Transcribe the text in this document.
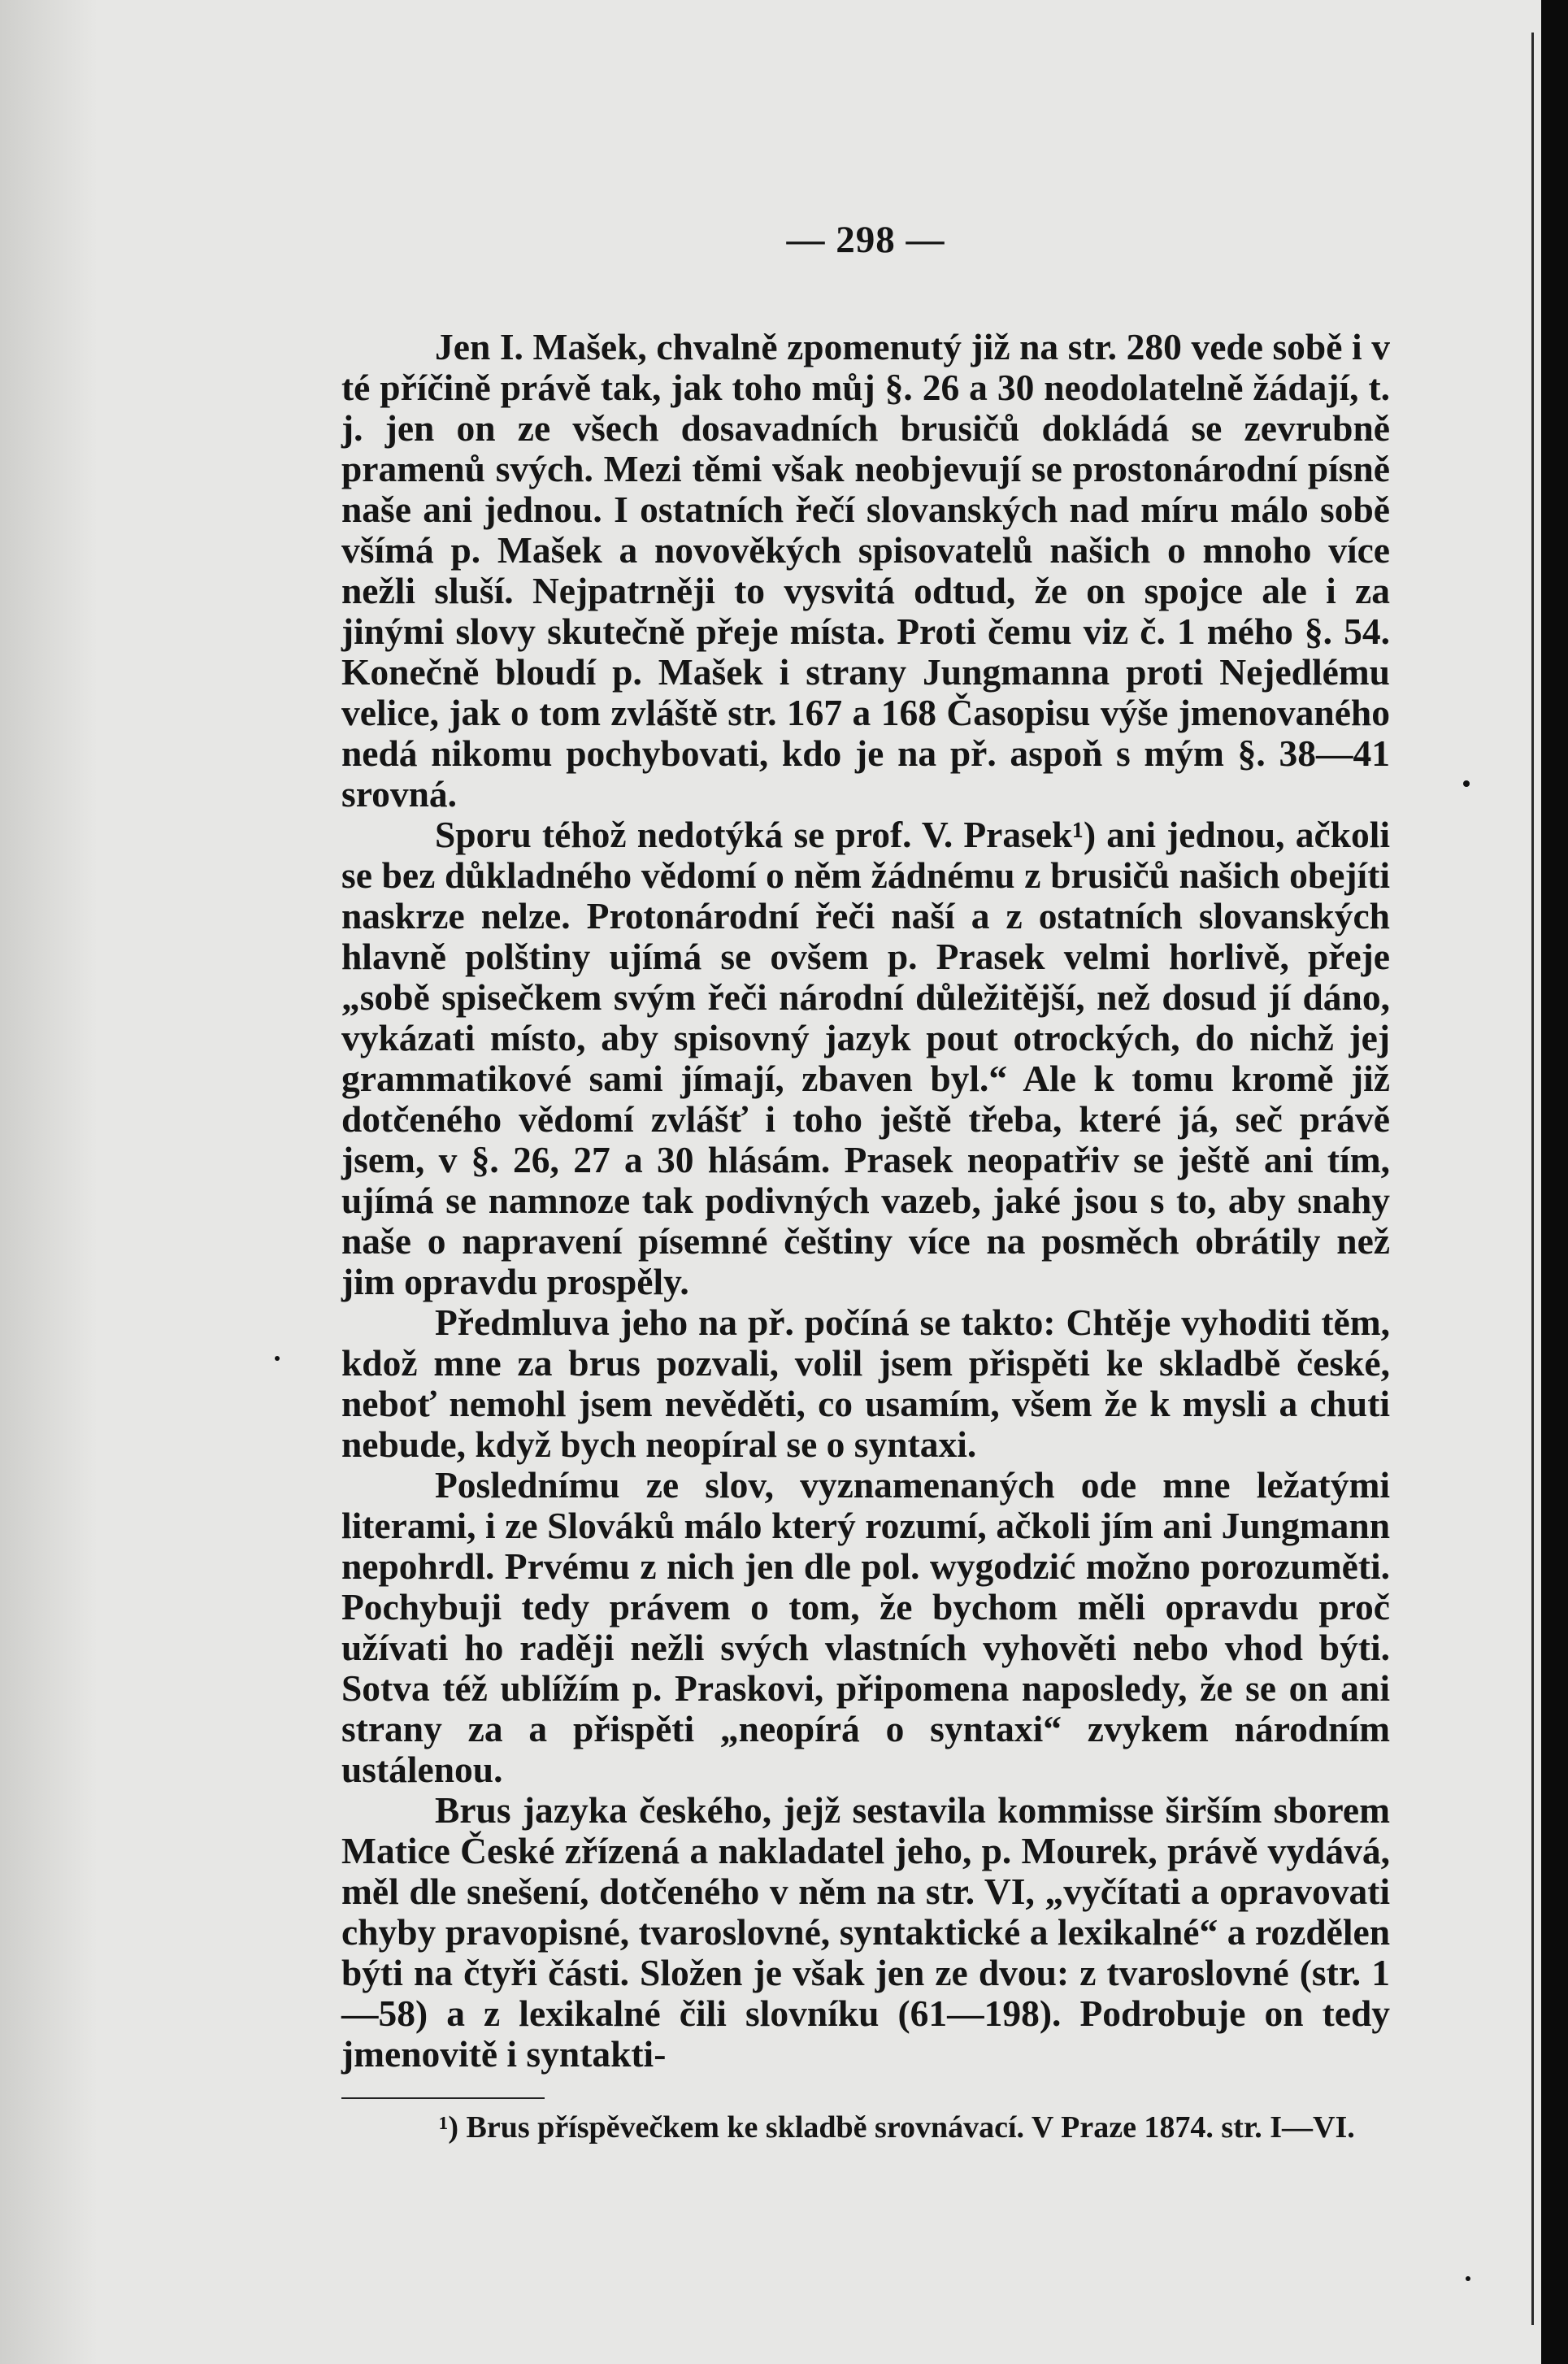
— 298 —

Jen I. Mašek, chvalně zpomenutý již na str. 280 vede sobě i v té příčině právě tak, jak toho můj §. 26 a 30 neodolatelně žádají, t. j. jen on ze všech dosavadních brusičů dokládá se zevrubně pramenů svých. Mezi těmi však neobjevují se prostonárodní písně naše ani jednou. I ostatních řečí slovanských nad míru málo sobě všímá p. Mašek a novověkých spisovatelů našich o mnoho více nežli sluší. Nejpatrněji to vysvitá odtud, že on spojce ale i za jinými slovy skutečně přeje místa. Proti čemu viz č. 1 mého §. 54. Konečně bloudí p. Mašek i strany Jungmanna proti Nejedlému velice, jak o tom zvláště str. 167 a 168 Časopisu výše jmenovaného nedá nikomu pochybovati, kdo je na př. aspoň s mým §. 38—41 srovná.

Sporu téhož nedotýká se prof. V. Prasek¹) ani jednou, ačkoli se bez důkladného vědomí o něm žádnému z brusičů našich obejíti naskrze nelze. Protonárodní řeči naší a z ostatních slovanských hlavně polštiny ujímá se ovšem p. Prasek velmi horlivě, přeje „sobě spisečkem svým řeči národní důležitější, než dosud jí dáno, vykázati místo, aby spisovný jazyk pout otrockých, do nichž jej grammatikové sami jímají, zbaven byl.“ Ale k tomu kromě již dotčeného vědomí zvlášť i toho ještě třeba, které já, seč právě jsem, v §. 26, 27 a 30 hlásám. Prasek neopatřiv se ještě ani tím, ujímá se namnoze tak podivných vazeb, jaké jsou s to, aby snahy naše o napravení písemné češtiny více na posměch obrátily než jim opravdu prospěly.

Předmluva jeho na př. počíná se takto: Chtěje vyhoditi těm, kdož mne za brus pozvali, volil jsem přispěti ke skladbě české, neboť nemohl jsem nevěděti, co usamím, všem že k mysli a chuti nebude, když bych neopíral se o syntaxi.

Poslednímu ze slov, vyznamenaných ode mne ležatými literami, i ze Slováků málo který rozumí, ačkoli jím ani Jungmann nepohrdl. Prvému z nich jen dle pol. wygodzić možno porozuměti. Pochybuji tedy právem o tom, že bychom měli opravdu proč užívati ho raději nežli svých vlastních vyhověti nebo vhod býti. Sotva též ublížím p. Praskovi, připomena naposledy, že se on ani strany za a přispěti „neopírá o syntaxi“ zvykem národním ustálenou.

Brus jazyka českého, jejž sestavila kommisse širším sborem Matice České zřízená a nakladatel jeho, p. Mourek, právě vydává, měl dle snešení, dotčeného v něm na str. VI, „vyčítati a opravovati chyby pravopisné, tvaroslovné, syntaktické a lexikalné“ a rozdělen býti na čtyři části. Složen je však jen ze dvou: z tvaroslovné (str. 1—58) a z lexikalné čili slovníku (61—198). Podrobuje on tedy jmenovitě i syntakti-

¹) Brus příspěvečkem ke skladbě srovnávací. V Praze 1874. str. I—VI.
